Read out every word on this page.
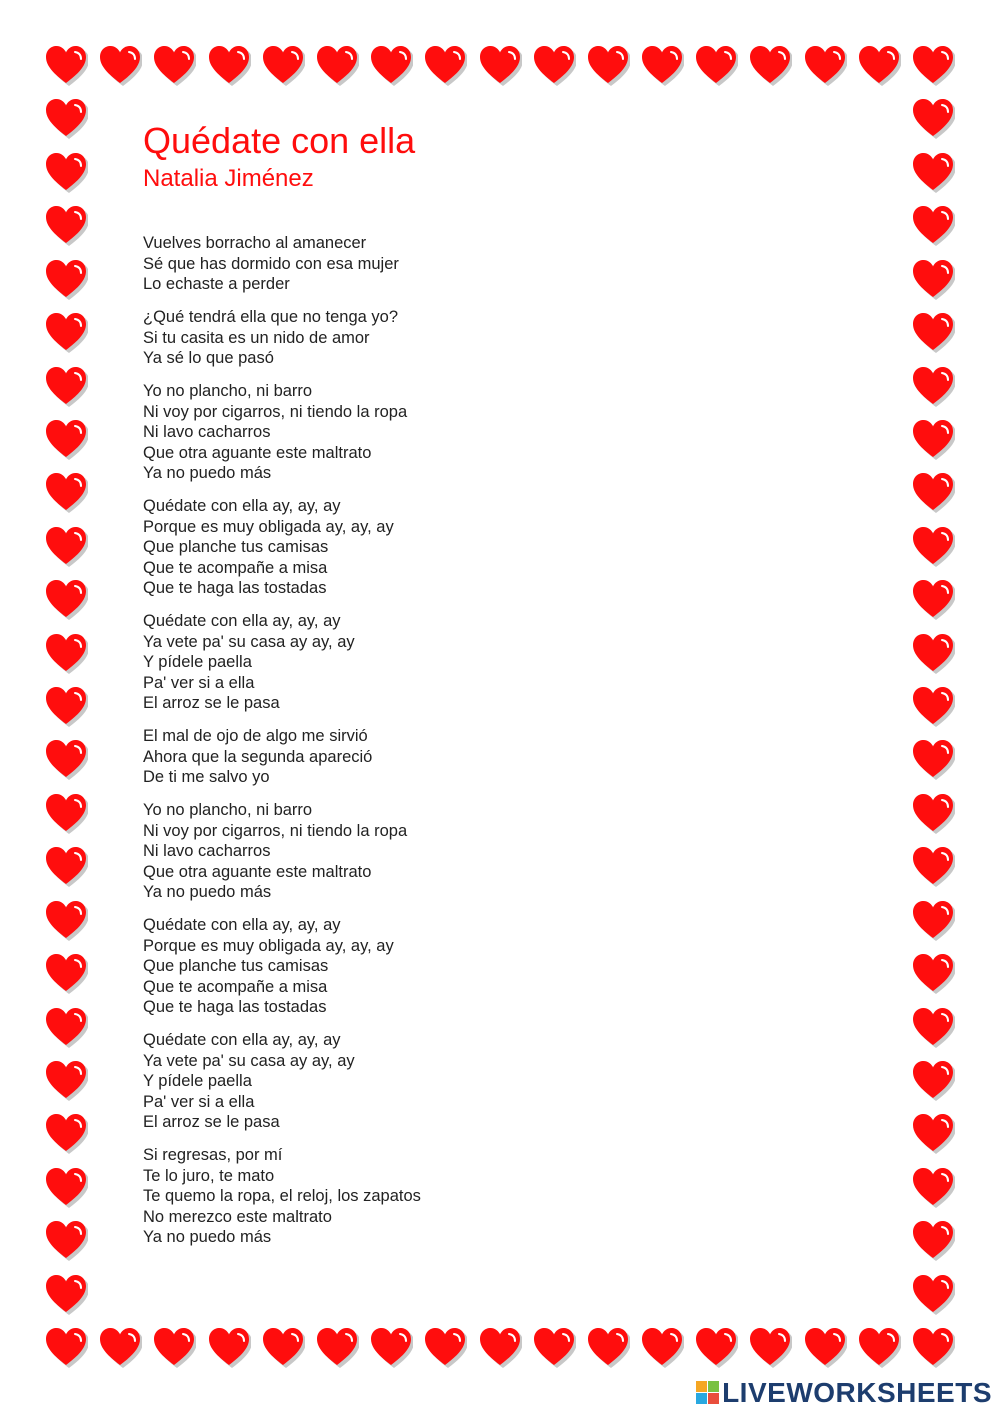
Quédate con ella
Natalia Jiménez
Vuelves borracho al amanecer
Sé que has dormido con esa mujer
Lo echaste a perder
¿Qué tendrá ella que no tenga yo?
Si tu casita es un nido de amor
Ya sé lo que pasó
Yo no plancho, ni barro
Ni voy por cigarros, ni tiendo la ropa
Ni lavo cacharros
Que otra aguante este maltrato
Ya no puedo más
Quédate con ella ay, ay, ay
Porque es muy obligada ay, ay, ay
Que planche tus camisas
Que te acompañe a misa
Que te haga las tostadas
Quédate con ella ay, ay, ay
Ya vete pa' su casa ay ay, ay
Y pídele paella
Pa' ver si a ella
El arroz se le pasa
El mal de ojo de algo me sirvió
Ahora que la segunda apareció
De ti me salvo yo
Yo no plancho, ni barro
Ni voy por cigarros, ni tiendo la ropa
Ni lavo cacharros
Que otra aguante este maltrato
Ya no puedo más
Quédate con ella ay, ay, ay
Porque es muy obligada ay, ay, ay
Que planche tus camisas
Que te acompañe a misa
Que te haga las tostadas
Quédate con ella ay, ay, ay
Ya vete pa' su casa ay ay, ay
Y pídele paella
Pa' ver si a ella
El arroz se le pasa
Si regresas, por mí
Te lo juro, te mato
Te quemo la ropa, el reloj, los zapatos
No merezco este maltrato
Ya no puedo más
LIVEWORKSHEETS
